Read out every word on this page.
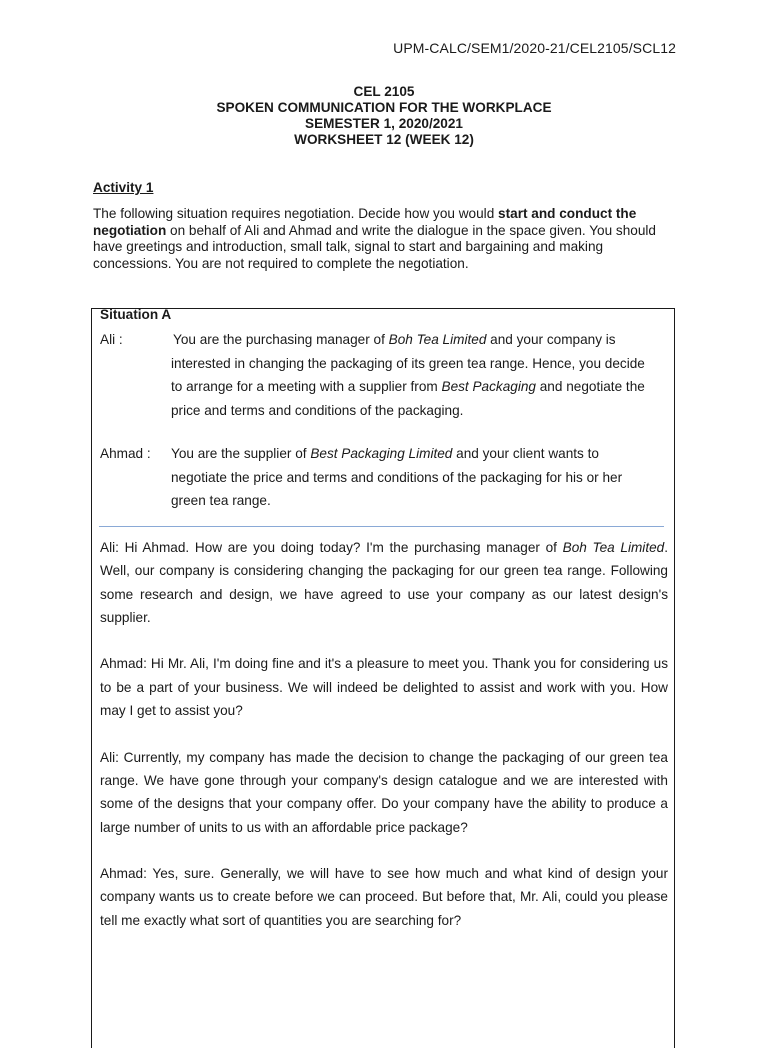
UPM-CALC/SEM1/2020-21/CEL2105/SCL12
CEL 2105
SPOKEN COMMUNICATION FOR THE WORKPLACE
SEMESTER 1, 2020/2021
WORKSHEET 12 (WEEK 12)
Activity 1
The following situation requires negotiation. Decide how you would start and conduct the negotiation on behalf of Ali and Ahmad and write the dialogue in the space given. You should have greetings and introduction, small talk, signal to start and bargaining and making concessions. You are not required to complete the negotiation.
Situation A
Ali :	You are the purchasing manager of Boh Tea Limited and your company is
interested in changing the packaging of its green tea range. Hence, you decide
to arrange for a meeting with a supplier from Best Packaging and negotiate the
price and terms and conditions of the packaging.
Ahmad : You are the supplier of Best Packaging Limited and your client wants to
negotiate the price and terms and conditions of the packaging for his or her
green tea range.

Ali: Hi Ahmad. How are you doing today? I'm the purchasing manager of Boh Tea Limited. Well, our company is considering changing the packaging for our green tea range. Following some research and design, we have agreed to use your company as our latest design's supplier.

Ahmad: Hi Mr. Ali, I'm doing fine and it's a pleasure to meet you. Thank you for considering us to be a part of your business. We will indeed be delighted to assist and work with you. How may I get to assist you?

Ali: Currently, my company has made the decision to change the packaging of our green tea range. We have gone through your company's design catalogue and we are interested with some of the designs that your company offer. Do your company have the ability to produce a large number of units to us with an affordable price package?

Ahmad: Yes, sure. Generally, we will have to see how much and what kind of design your company wants us to create before we can proceed. But before that, Mr. Ali, could you please tell me exactly what sort of quantities you are searching for?
